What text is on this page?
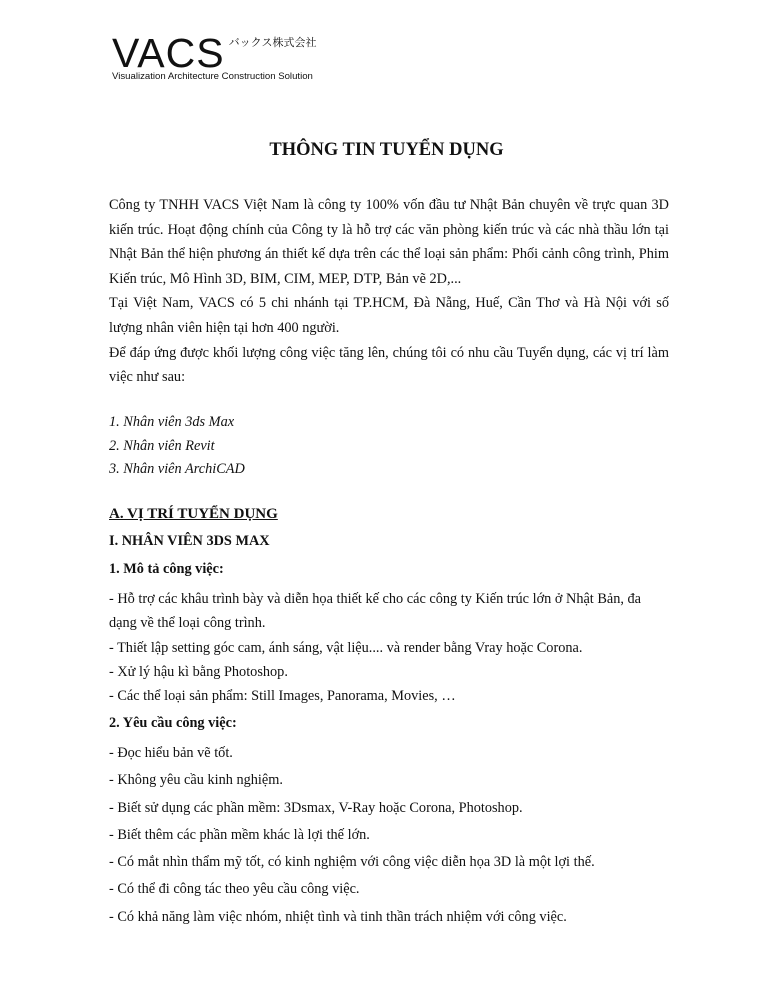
VACS バックス株式会社
Visualization Architecture Construction Solution
THÔNG TIN TUYỂN DỤNG

Công ty TNHH VACS Việt Nam là công ty 100% vốn đầu tư Nhật Bản chuyên về trực quan 3D kiến trúc. Hoạt động chính của Công ty là hỗ trợ các văn phòng kiến trúc và các nhà thầu lớn tại Nhật Bản thể hiện phương án thiết kế dựa trên các thể loại sản phẩm: Phối cảnh công trình, Phim Kiến trúc, Mô Hình 3D, BIM, CIM, MEP, DTP, Bản vẽ 2D,...

Tại Việt Nam, VACS có 5 chi nhánh tại TP.HCM, Đà Nẵng, Huế, Cần Thơ và Hà Nội với số lượng nhân viên hiện tại hơn 400 người.

Để đáp ứng được khối lượng công việc tăng lên, chúng tôi có nhu cầu Tuyển dụng, các vị trí làm việc như sau:

1. Nhân viên 3ds Max
2. Nhân viên Revit
3. Nhân viên ArchiCAD
A. VỊ TRÍ TUYỂN DỤNG
I. NHÂN VIÊN 3DS MAX
1. Mô tả công việc:
- Hỗ trợ các khâu trình bày và diễn họa thiết kế cho các công ty Kiến trúc lớn ở Nhật Bản, đa dạng về thể loại công trình.
- Thiết lập setting góc cam, ánh sáng, vật liệu.... và render bằng Vray hoặc Corona.
- Xử lý hậu kì bằng Photoshop.
- Các thể loại sản phẩm: Still Images, Panorama, Movies, …
2. Yêu cầu công việc:
- Đọc hiểu bản vẽ tốt.
- Không yêu cầu kinh nghiệm.
- Biết sử dụng các phần mềm: 3Dsmax, V-Ray hoặc Corona, Photoshop.
- Biết thêm các phần mềm khác là lợi thế lớn.
- Có mắt nhìn thẩm mỹ tốt, có kinh nghiệm với công việc diễn họa 3D là một lợi thế.
- Có thể đi công tác theo yêu cầu công việc.
- Có khả năng làm việc nhóm, nhiệt tình và tinh thần trách nhiệm với công việc.
